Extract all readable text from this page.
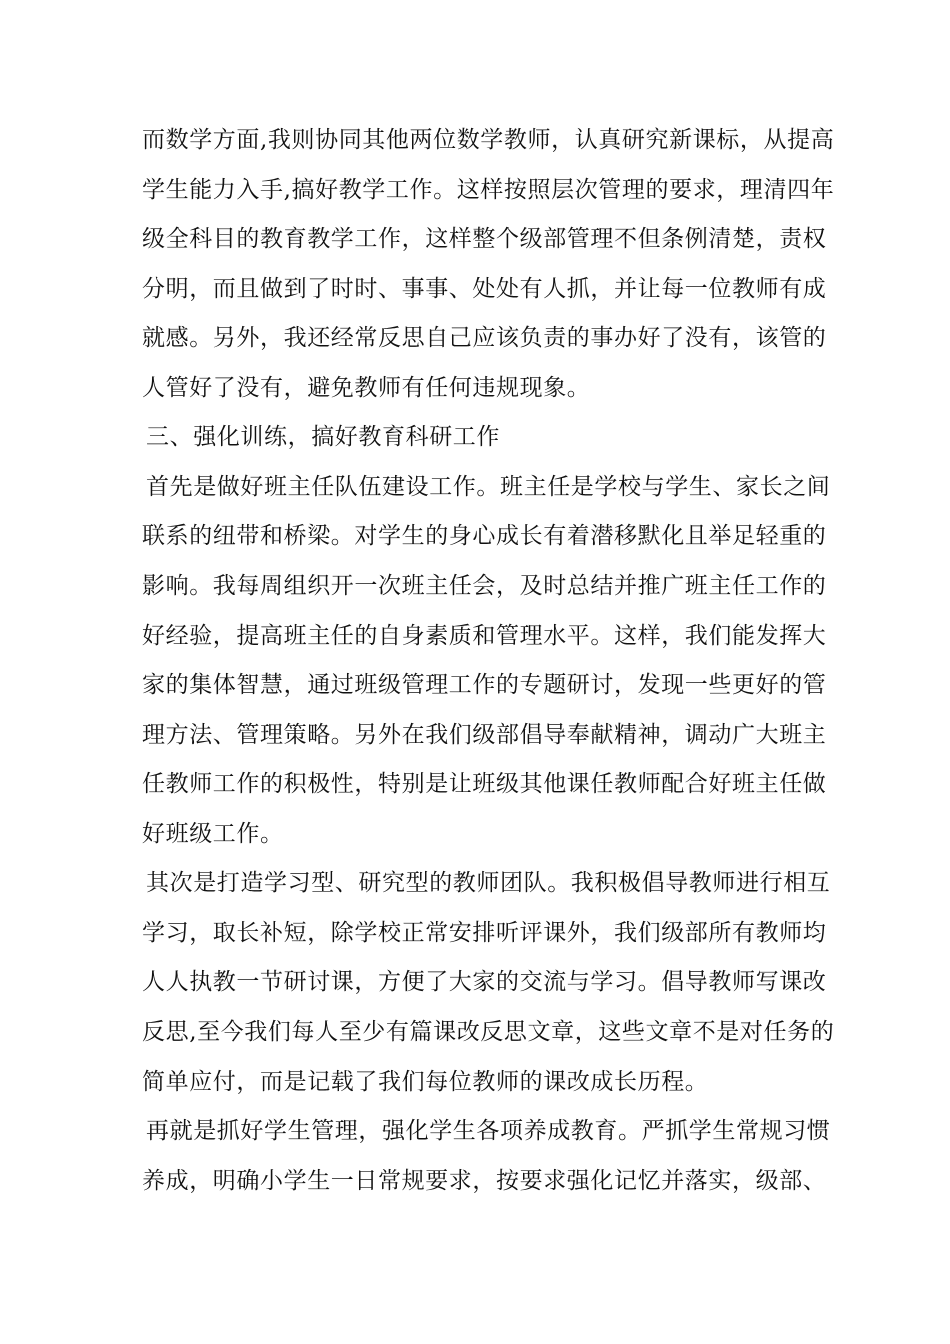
而数学方面,我则协同其他两位数学教师，认真研究新课标，从提高
学生能力入手,搞好教学工作。这样按照层次管理的要求，理清四年
级全科目的教育教学工作，这样整个级部管理不但条例清楚，责权
分明，而且做到了时时、事事、处处有人抓，并让每一位教师有成
就感。另外，我还经常反思自己应该负责的事办好了没有，该管的
人管好了没有，避免教师有任何违规现象。
三、强化训练，搞好教育科研工作
首先是做好班主任队伍建设工作。班主任是学校与学生、家长之间
联系的纽带和桥梁。对学生的身心成长有着潜移默化且举足轻重的
影响。我每周组织开一次班主任会，及时总结并推广班主任工作的
好经验，提高班主任的自身素质和管理水平。这样，我们能发挥大
家的集体智慧，通过班级管理工作的专题研讨，发现一些更好的管
理方法、管理策略。另外在我们级部倡导奉献精神，调动广大班主
任教师工作的积极性，特别是让班级其他课任教师配合好班主任做
好班级工作。
其次是打造学习型、研究型的教师团队。我积极倡导教师进行相互
学习，取长补短，除学校正常安排听评课外，我们级部所有教师均
人人执教一节研讨课，方便了大家的交流与学习。倡导教师写课改
反思,至今我们每人至少有篇课改反思文章，这些文章不是对任务的
简单应付，而是记载了我们每位教师的课改成长历程。
再就是抓好学生管理，强化学生各项养成教育。严抓学生常规习惯
养成，明确小学生一日常规要求，按要求强化记忆并落实，级部、
